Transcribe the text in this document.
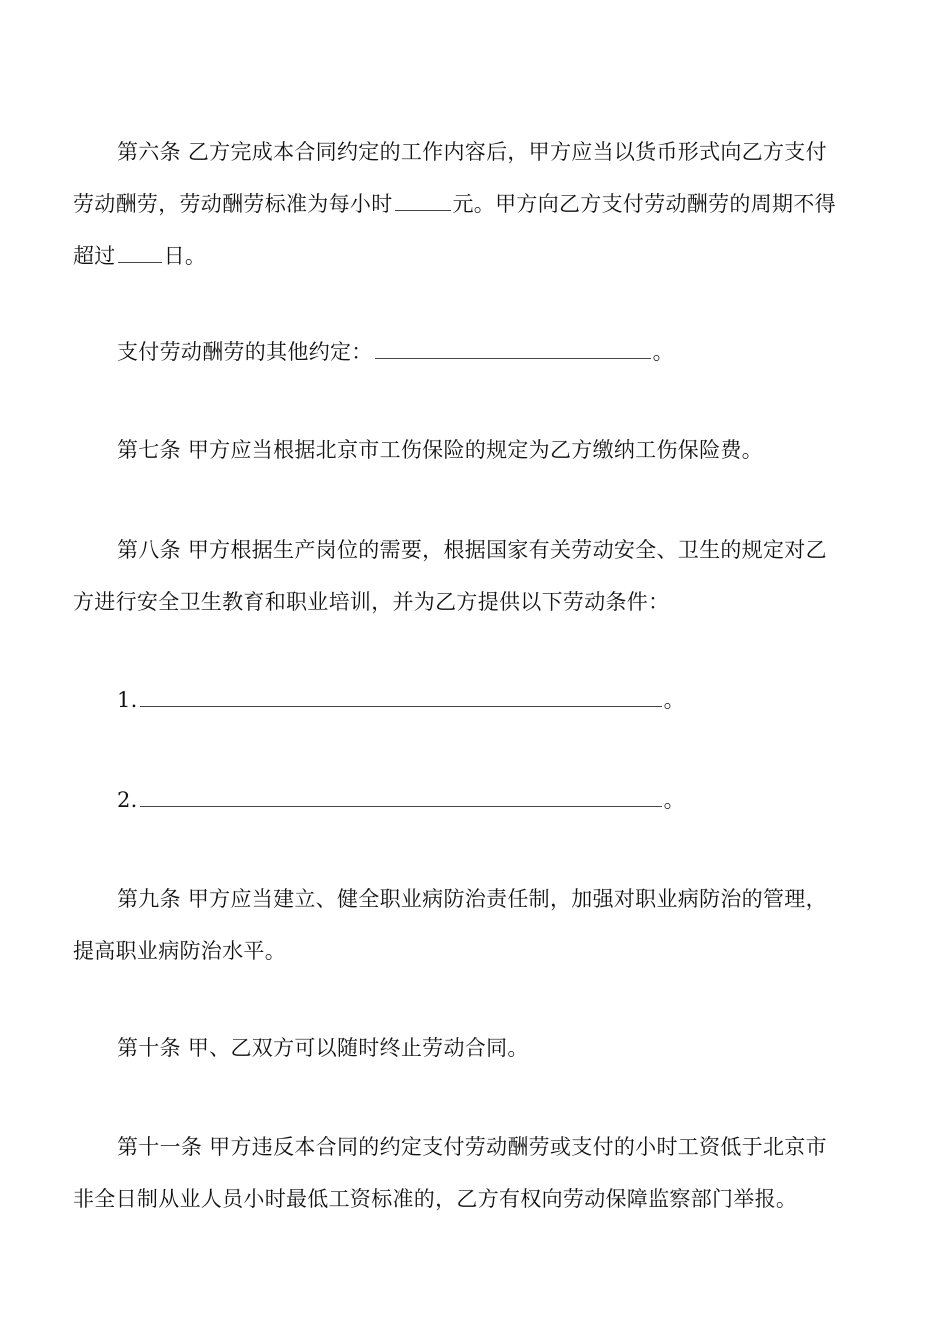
第六条 乙方完成本合同约定的工作内容后，甲方应当以货币形式向乙方支付
劳动酬劳，劳动酬劳标准为每小时	元。甲方向乙方支付劳动酬劳的周期不得
超过 日。
支付劳动酬劳的其他约定：	。
第七条 甲方应当根据北京市工伤保险的规定为乙方缴纳工伤保险费。
第八条 甲方根据生产岗位的需要，根据国家有关劳动安全、卫生的规定对乙
方进行安全卫生教育和职业培训，并为乙方提供以下劳动条件：
1.	。
2.	。
第九条 甲方应当建立、健全职业病防治责任制，加强对职业病防治的管理，
提高职业病防治水平。
第十条 甲、乙双方可以随时终止劳动合同。
第十一条 甲方违反本合同的约定支付劳动酬劳或支付的小时工资低于北京市
非全日制从业人员小时最低工资标准的，乙方有权向劳动保障监察部门举报。
